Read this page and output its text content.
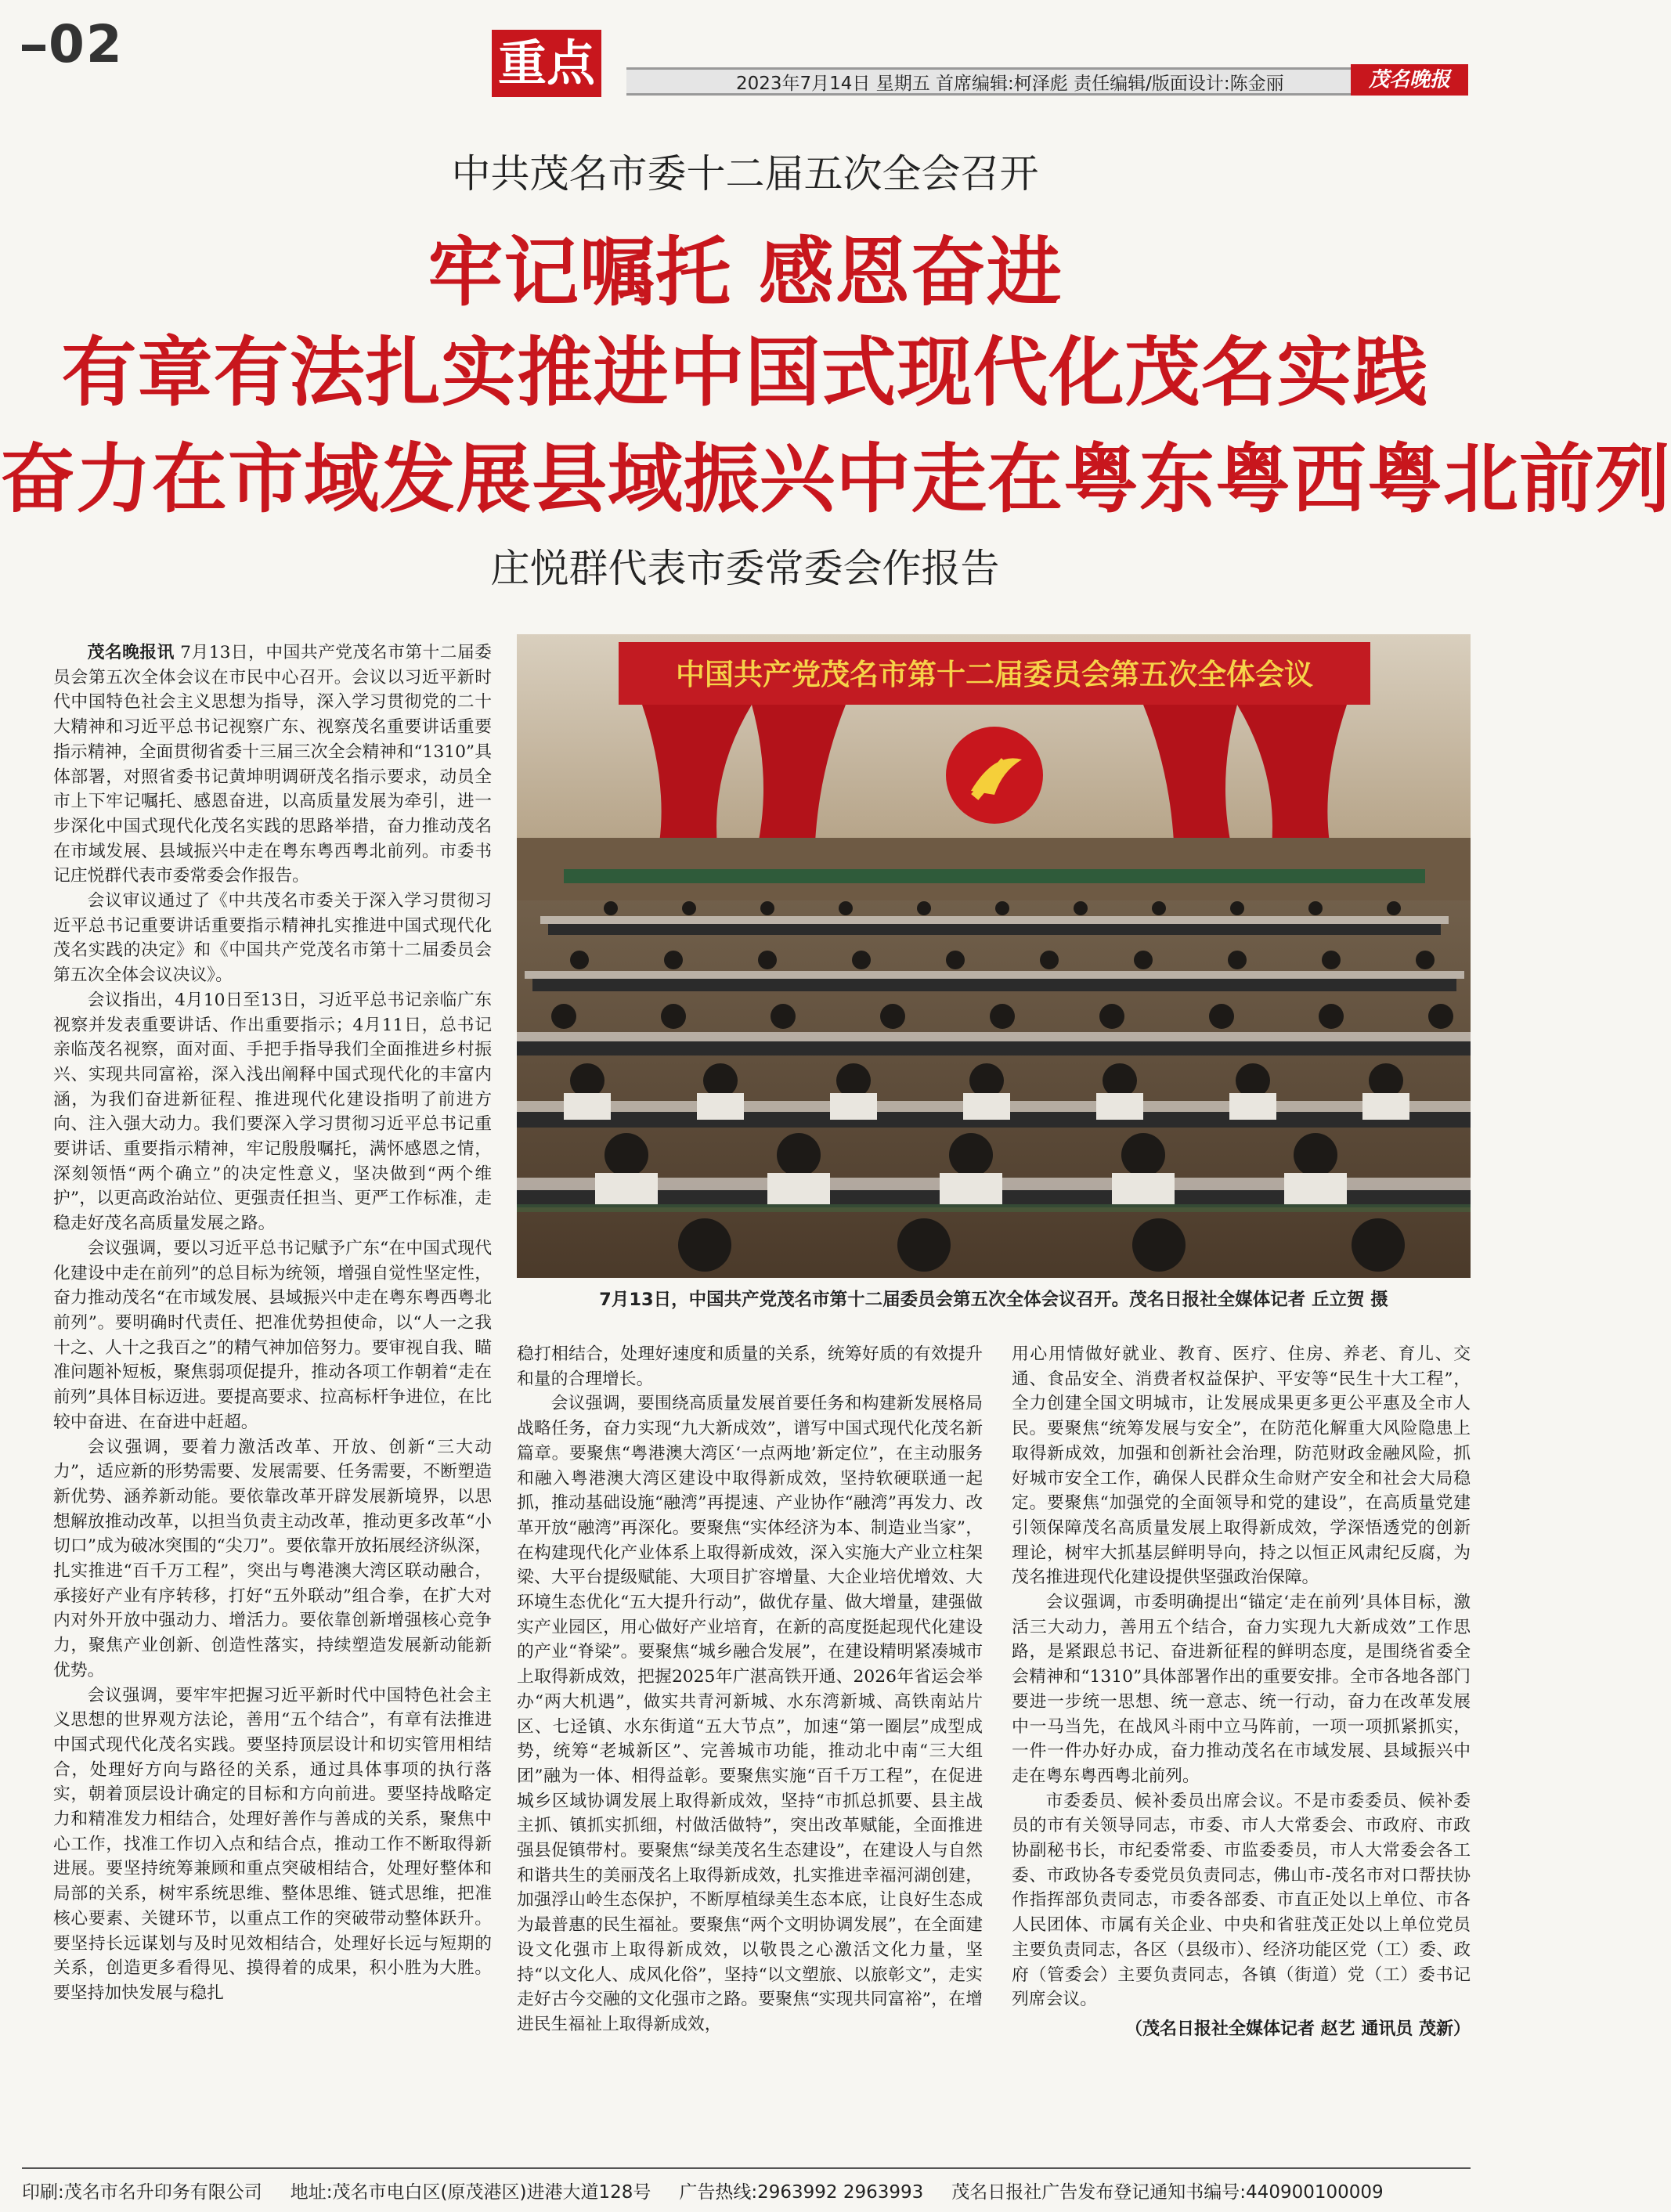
02	重点	2023年7月14日 星期五 首席编辑:柯泽彪 责任编辑/版面设计:陈金丽	茂名晚报
中共茂名市委十二届五次全会召开
牢记嘱托 感恩奋进
有章有法扎实推进中国式现代化茂名实践
奋力在市域发展县域振兴中走在粤东粤西粤北前列
庄悦群代表市委常委会作报告
中国共产党茂名市第十二届委员会第五次全体会议
7月13日，中国共产党茂名市第十二届委员会第五次全体会议召开。茂名日报社全媒体记者 丘立贺 摄

茂名晚报讯 7月13日，中国共产党茂名市第十二届委员会第五次全体会议在市民中心召开。会议以习近平新时代中国特色社会主义思想为指导，深入学习贯彻党的二十大精神和习近平总书记视察广东、视察茂名重要讲话重要指示精神，全面贯彻省委十三届三次全会精神和“1310”具体部署，对照省委书记黄坤明调研茂名指示要求，动员全市上下牢记嘱托、感恩奋进，以高质量发展为牵引，进一步深化中国式现代化茂名实践的思路举措，奋力推动茂名在市域发展、县域振兴中走在粤东粤西粤北前列。市委书记庄悦群代表市委常委会作报告。

会议审议通过了《中共茂名市委关于深入学习贯彻习近平总书记重要讲话重要指示精神扎实推进中国式现代化茂名实践的决定》和《中国共产党茂名市第十二届委员会第五次全体会议决议》。

会议指出，4月10日至13日，习近平总书记亲临广东视察并发表重要讲话、作出重要指示；4月11日，总书记亲临茂名视察，面对面、手把手指导我们全面推进乡村振兴、实现共同富裕，深入浅出阐释中国式现代化的丰富内涵，为我们奋进新征程、推进现代化建设指明了前进方向、注入强大动力。我们要深入学习贯彻习近平总书记重要讲话、重要指示精神，牢记殷殷嘱托，满怀感恩之情，深刻领悟“两个确立”的决定性意义，坚决做到“两个维护”，以更高政治站位、更强责任担当、更严工作标准，走稳走好茂名高质量发展之路。

会议强调，要以习近平总书记赋予广东“在中国式现代化建设中走在前列”的总目标为统领，增强自觉性坚定性，奋力推动茂名“在市域发展、县域振兴中走在粤东粤西粤北前列”。要明确时代责任、把准优势担使命，以“人一之我十之、人十之我百之”的精气神加倍努力。要审视自我、瞄准问题补短板，聚焦弱项促提升，推动各项工作朝着“走在前列”具体目标迈进。要提高要求、拉高标杆争进位，在比较中奋进、在奋进中赶超。

会议强调，要着力激活改革、开放、创新“三大动力”，适应新的形势需要、发展需要、任务需要，不断塑造新优势、涵养新动能。要依靠改革开辟发展新境界，以思想解放推动改革，以担当负责主动改革，推动更多改革“小切口”成为破冰突围的“尖刀”。要依靠开放拓展经济纵深，扎实推进“百千万工程”，突出与粤港澳大湾区联动融合，承接好产业有序转移，打好“五外联动”组合拳，在扩大对内对外开放中强动力、增活力。要依靠创新增强核心竞争力，聚焦产业创新、创造性落实，持续塑造发展新动能新优势。

会议强调，要牢牢把握习近平新时代中国特色社会主义思想的世界观方法论，善用“五个结合”，有章有法推进中国式现代化茂名实践。要坚持顶层设计和切实管用相结合，处理好方向与路径的关系，通过具体事项的执行落实，朝着顶层设计确定的目标和方向前进。要坚持战略定力和精准发力相结合，处理好善作与善成的关系，聚焦中心工作，找准工作切入点和结合点，推动工作不断取得新进展。要坚持统筹兼顾和重点突破相结合，处理好整体和局部的关系，树牢系统思维、整体思维、链式思维，把准核心要素、关键环节，以重点工作的突破带动整体跃升。要坚持长远谋划与及时见效相结合，处理好长远与短期的关系，创造更多看得见、摸得着的成果，积小胜为大胜。要坚持加快发展与稳扎

稳打相结合，处理好速度和质量的关系，统筹好质的有效提升和量的合理增长。

会议强调，要围绕高质量发展首要任务和构建新发展格局战略任务，奋力实现“九大新成效”，谱写中国式现代化茂名新篇章。要聚焦“粤港澳大湾区‘一点两地’新定位”，在主动服务和融入粤港澳大湾区建设中取得新成效，坚持软硬联通一起抓，推动基础设施“融湾”再提速、产业协作“融湾”再发力、改革开放“融湾”再深化。要聚焦“实体经济为本、制造业当家”，在构建现代化产业体系上取得新成效，深入实施大产业立柱架梁、大平台提级赋能、大项目扩容增量、大企业培优增效、大环境生态优化“五大提升行动”，做优存量、做大增量，建强做实产业园区，用心做好产业培育，在新的高度挺起现代化建设的产业“脊梁”。要聚焦“城乡融合发展”，在建设精明紧凑城市上取得新成效，把握2025年广湛高铁开通、2026年省运会举办“两大机遇”，做实共青河新城、水东湾新城、高铁南站片区、七迳镇、水东街道“五大节点”，加速“第一圈层”成型成势，统筹“老城新区”、完善城市功能，推动北中南“三大组团”融为一体、相得益彰。要聚焦实施“百千万工程”，在促进城乡区域协调发展上取得新成效，坚持“市抓总抓要、县主战主抓、镇抓实抓细，村做活做特”，突出改革赋能，全面推进强县促镇带村。要聚焦“绿美茂名生态建设”，在建设人与自然和谐共生的美丽茂名上取得新成效，扎实推进幸福河湖创建，加强浮山岭生态保护，不断厚植绿美生态本底，让良好生态成为最普惠的民生福祉。要聚焦“两个文明协调发展”，在全面建设文化强市上取得新成效，以敬畏之心激活文化力量，坚持“以文化人、成风化俗”，坚持“以文塑旅、以旅彰文”，走实走好古今交融的文化强市之路。要聚焦“实现共同富裕”，在增进民生福祉上取得新成效，

用心用情做好就业、教育、医疗、住房、养老、育儿、交通、食品安全、消费者权益保护、平安等“民生十大工程”，全力创建全国文明城市，让发展成果更多更公平惠及全市人民。要聚焦“统筹发展与安全”，在防范化解重大风险隐患上取得新成效，加强和创新社会治理，防范财政金融风险，抓好城市安全工作，确保人民群众生命财产安全和社会大局稳定。要聚焦“加强党的全面领导和党的建设”，在高质量党建引领保障茂名高质量发展上取得新成效，学深悟透党的创新理论，树牢大抓基层鲜明导向，持之以恒正风肃纪反腐，为茂名推进现代化建设提供坚强政治保障。

会议强调，市委明确提出“锚定‘走在前列’具体目标，激活三大动力，善用五个结合，奋力实现九大新成效”工作思路，是紧跟总书记、奋进新征程的鲜明态度，是围绕省委全会精神和“1310”具体部署作出的重要安排。全市各地各部门要进一步统一思想、统一意志、统一行动，奋力在改革发展中一马当先，在战风斗雨中立马阵前，一项一项抓紧抓实，一件一件办好办成，奋力推动茂名在市域发展、县域振兴中走在粤东粤西粤北前列。

市委委员、候补委员出席会议。不是市委委员、候补委员的市有关领导同志，市委、市人大常委会、市政府、市政协副秘书长，市纪委常委、市监委委员，市人大常委会各工委、市政协各专委党员负责同志，佛山市-茂名市对口帮扶协作指挥部负责同志，市委各部委、市直正处以上单位、市各人民团体、市属有关企业、中央和省驻茂正处以上单位党员主要负责同志，各区（县级市）、经济功能区党（工）委、政府（管委会）主要负责同志，各镇（街道）党（工）委书记列席会议。

（茂名日报社全媒体记者 赵艺 通讯员 茂新）
印刷:茂名市名升印务有限公司 地址:茂名市电白区(原茂港区)进港大道128号 广告热线:2963992 2963993 茂名日报社广告发布登记通知书编号:440900100009
